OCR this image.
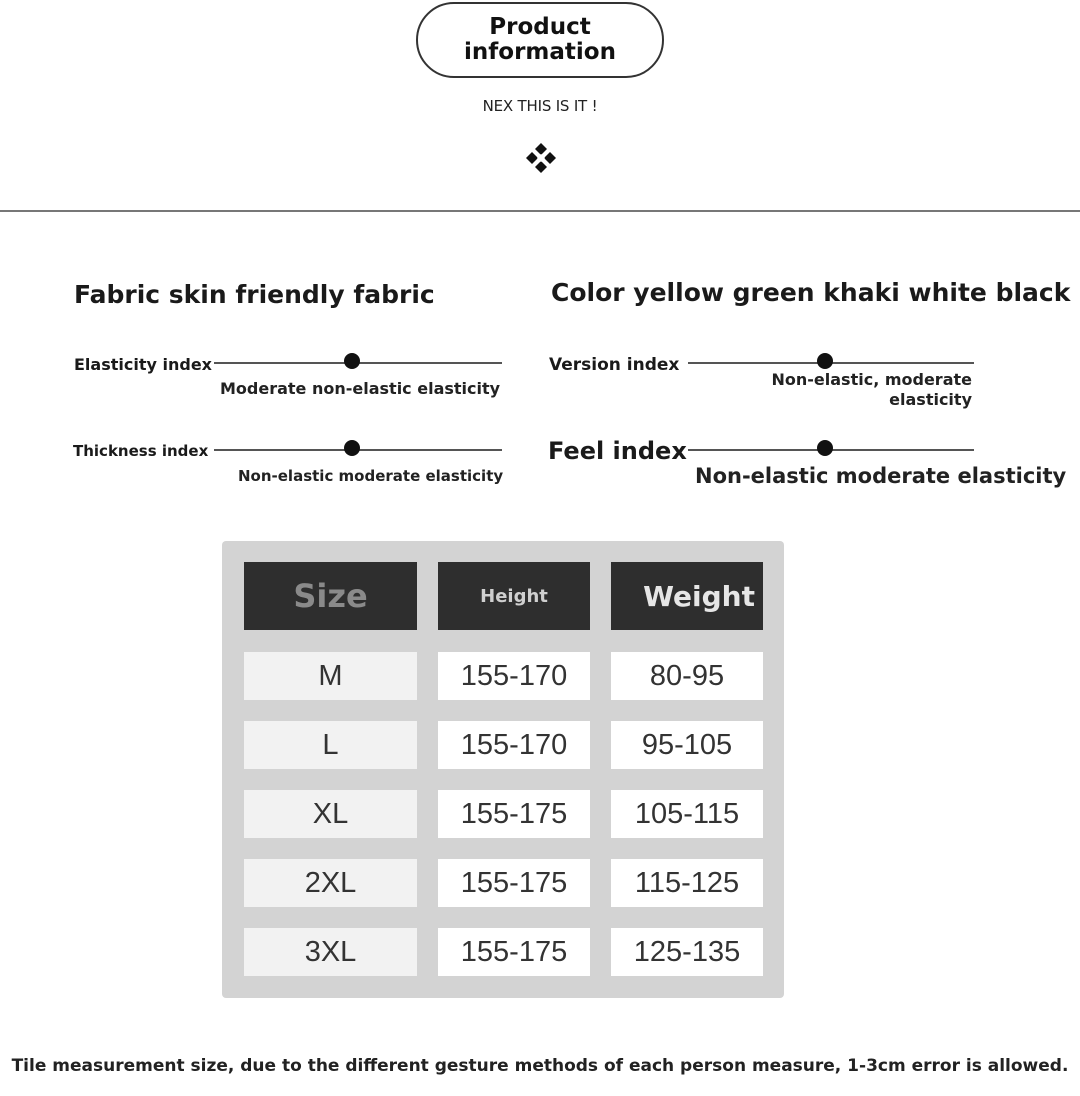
Product information
NEX THIS IS IT !
Fabric skin friendly fabric	Color yellow green khaki white black
Elasticity index
Moderate non-elastic elasticity
Version index
Non-elastic, moderate elasticity
Thickness index
Non-elastic moderate elasticity
Feel index
Non-elastic moderate elasticity
Size	Height	Weight
M	155-170	80-95
L	155-170	95-105
XL	155-175	105-115
2XL	155-175	115-125
3XL	155-175	125-135
Tile measurement size, due to the different gesture methods of each person measure, 1-3cm error is allowed.
